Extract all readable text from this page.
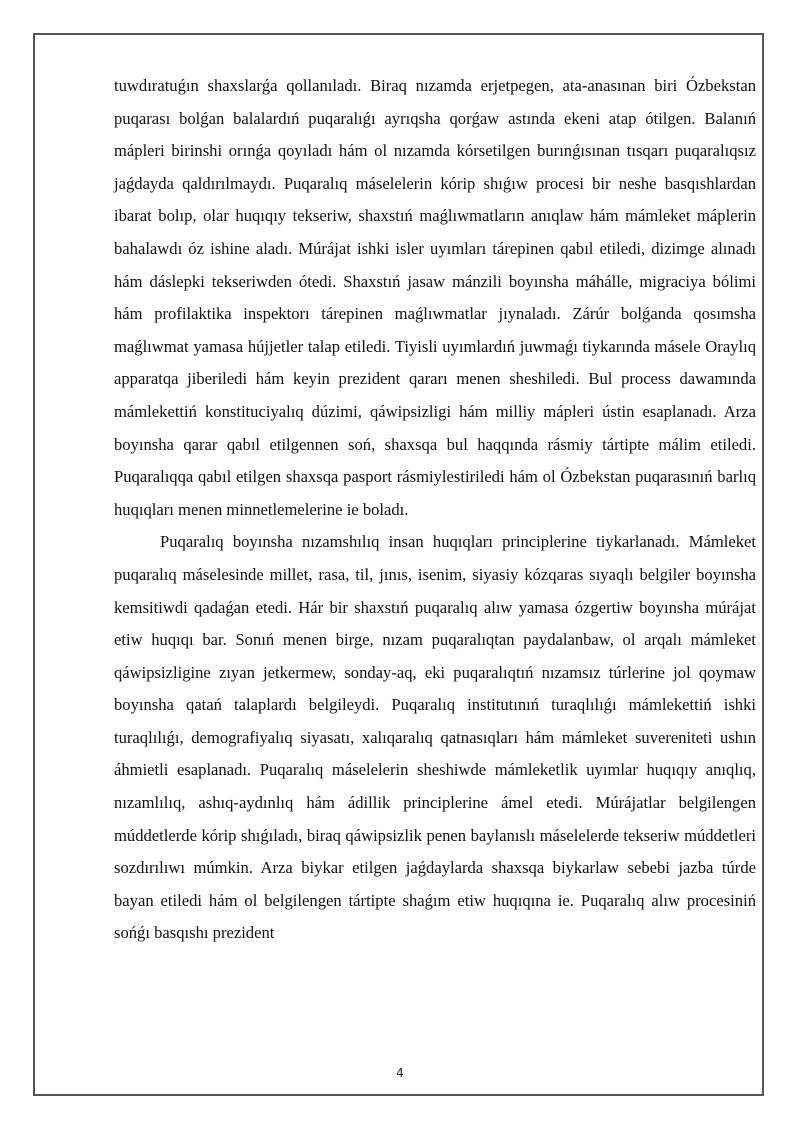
tuwdıratuǵın shaxslarǵa qollanıladı. Biraq nızamda erjetpegen, ata-anasınan biri Ózbekstan puqarası bolǵan balalardıń puqaralıǵı ayrıqsha qorǵaw astında ekeni atap ótilgen. Balanıń mápleri birinshi orınǵa qoyıladı hám ol nızamda kórsetilgen burınǵısınan tısqarı puqaralıqsız jaǵdayda qaldırılmaydı. Puqaralıq máselelerin kórip shıǵıw procesi bir neshe basqıshlardan ibarat bolıp, olar huqıqıy tekseriw, shaxstıń maǵlıwmatların anıqlaw hám mámleket máplerin bahalawdı óz ishine aladı. Múrájat ishki isler uyımları tárepinen qabıl etiledi, dizimge alınadı hám dáslepki tekseriwden ótedi. Shaxstıń jasaw mánzili boyınsha máhálle, migraciya bólimi hám profilaktika inspektorı tárepinen maǵlıwmatlar jıynaladı. Zárúr bolǵanda qosımsha maǵlıwmat yamasa hújjetler talap etiledi. Tiyisli uyımlardıń juwmaǵı tiykarında másele Oraylıq apparatqa jiberiledi hám keyin prezident qararı menen sheshiledi. Bul process dawamında mámlekettiń konstituciyalıq dúzimi, qáwipsizligi hám milliy mápleri ústin esaplanadı. Arza boyınsha qarar qabıl etilgennen soń, shaxsqa bul haqqında rásmiy tártipte málim etiledi. Puqaralıqqa qabıl etilgen shaxsqa pasport rásmiylestiriledi hám ol Ózbekstan puqarasınıń barlıq huqıqları menen minnetlemelerine ie boladı.

Puqaralıq boyınsha nızamshılıq insan huqıqları principlerine tiykarlanadı. Mámleket puqaralıq máselesinde millet, rasa, til, jınıs, isenim, siyasiy kózqaras sıyaqlı belgiler boyınsha kemsitiwdi qadaǵan etedi. Hár bir shaxstıń puqaralıq alıw yamasa ózgertiw boyınsha múrájat etiw huqıqı bar. Sonıń menen birge, nızam puqaralıqtan paydalanbaw, ol arqalı mámleket qáwipsizligine zıyan jetkermew, sonday-aq, eki puqaralıqtıń nızamsız túrlerine jol qoymaw boyınsha qatań talaplardı belgileydi. Puqaralıq institutınıń turaqlılıǵı mámlekettiń ishki turaqlılıǵı, demografiyalıq siyasatı, xalıqaralıq qatnasıqları hám mámleket suvereniteti ushın áhmietli esaplanadı. Puqaralıq máselelerin sheshiwde mámleketlik uyımlar huqıqıy anıqlıq, nızamlılıq, ashıq-aydınlıq hám ádillik principlerine ámel etedi. Múrájatlar belgilengen múddetlerde kórip shıǵıladı, biraq qáwipsizlik penen baylanıslı máselelerde tekseriw múddetleri sozdırılıwı múmkin. Arza biykar etilgen jaǵdaylarda shaxsqa biykarlaw sebebi jazba túrde bayan etiledi hám ol belgilengen tártipte shaǵım etiw huqıqına ie. Puqaralıq alıw procesiniń sońǵı basqıshı prezident

4
